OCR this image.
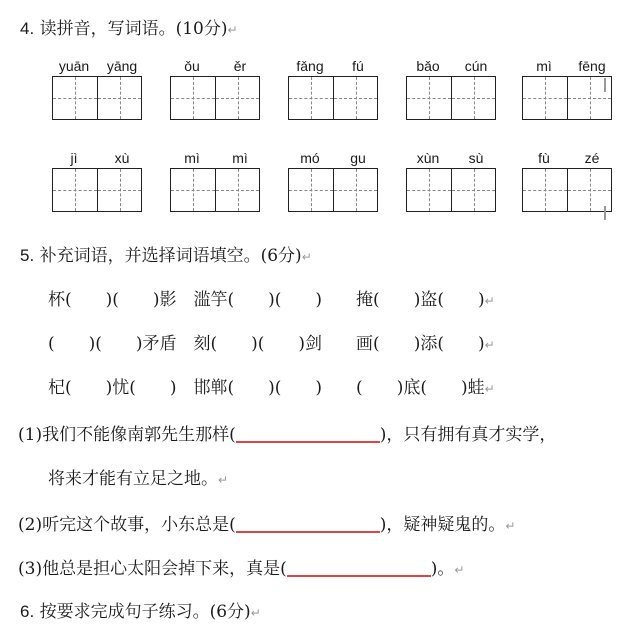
4. 读拼音，写词语。(10分)↵
yuān	yāng	ǒu	ěr	fǎng	fú	bǎo	cún	mì	fēng
jì	xù	mì	mì	mó	gu	xùn	sù	fù	zé
5. 补充词语，并选择词语填空。(6分)↵
杯(　　)(　　)影　滥竽(　　)(　　)　　掩(　　)盗(　　)↵
(　　)(　　)矛盾　刻(　　)(　　)剑　　画(　　)添(　　)↵
杞(　　)忧(　　)　邯郸(　　)(　　)　　(　　)底(　　)蛙↵
(1)我们不能像南郭先生那样(	)，只有拥有真才实学，
将来才能有立足之地。↵
(2)听完这个故事，小东总是(	)，疑神疑鬼的。↵
(3)他总是担心太阳会掉下来，真是(	)。↵
6. 按要求完成句子练习。(6分)↵
